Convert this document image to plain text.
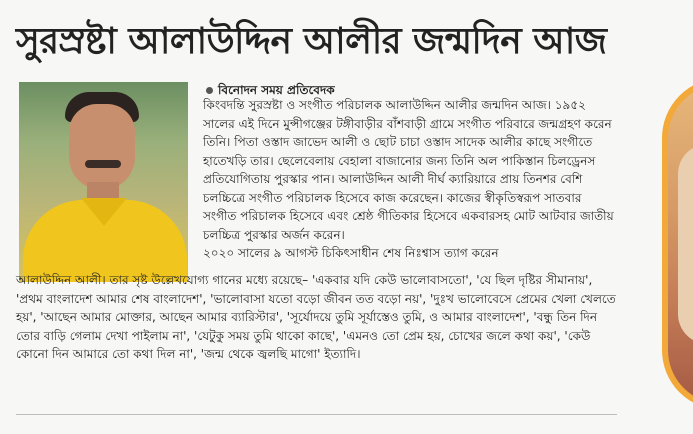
সুরস্রষ্টা আলাউদ্দিন আলীর জন্মদিন আজ
বিনোদন সময় প্রতিবেদক

কিংবদন্তি সুরস্রষ্টা ও সংগীত পরিচালক আলাউদ্দিন আলীর জন্মদিন আজ। ১৯৫২ সালের এই দিনে মুন্সীগঞ্জের টঙ্গীবাড়ীর বাঁশবাড়ী গ্রামে সংগীত পরিবারে জন্মগ্রহণ করেন তিনি। পিতা ওস্তাদ জাভেদ আলী ও ছোট চাচা ওস্তাদ সাদেক আলীর কাছে সংগীতে হাতেখড়ি তার। ছেলেবেলায় বেহালা বাজানোর জন্য তিনি অল পাকিস্তান চিলড্রেনস প্রতিযোগিতায় পুরস্কার পান। আলাউদ্দিন আলী দীর্ঘ ক্যারিয়ারে প্রায় তিনশর বেশি চলচ্চিত্রে সংগীত পরিচালক হিসেবে কাজ করেছেন। কাজের স্বীকৃতিস্বরূপ সাতবার সংগীত পরিচালক হিসেবে এবং শ্রেষ্ঠ গীতিকার হিসেবে একবারসহ মোট আটবার জাতীয় চলচ্চিত্র পুরস্কার অর্জন করেন।

২০২০ সালের ৯ আগস্ট চিকিৎসাধীন শেষ নিঃশ্বাস ত্যাগ করেন

আলাউদ্দিন আলী। তার সৃষ্ট উল্লেখযোগ্য গানের মধ্যে রয়েছে– 'একবার যদি কেউ ভালোবাসতো', 'যে ছিল দৃষ্টির সীমানায়', 'প্রথম বাংলাদেশ আমার শেষ বাংলাদেশ', 'ভালোবাসা যতো বড়ো জীবন তত বড়ো নয়', 'দুঃখ ভালোবেসে প্রেমের খেলা খেলতে হয়', 'আছেন আমার মোক্তার, আছেন আমার ব্যারিস্টার', 'সূর্যোদয়ে তুমি সূর্যাস্তেও তুমি, ও আমার বাংলাদেশ', 'বন্ধু তিন দিন তোর বাড়ি গেলাম দেখা পাইলাম না', 'যেটুকু সময় তুমি থাকো কাছে', 'এমনও তো প্রেম হয়, চোখের জলে কথা কয়', 'কেউ কোনো দিন আমারে তো কথা দিল না', 'জন্ম থেকে জ্বলছি মাগো' ইত্যাদি।
